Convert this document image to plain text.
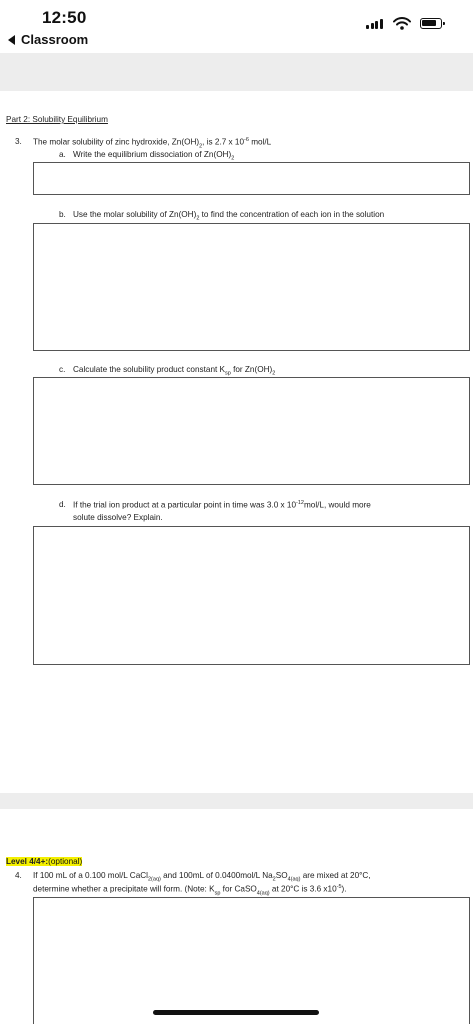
12:50
Classroom
Part 2: Solubility Equilibrium
3. The molar solubility of zinc hydroxide, $Zn(OH)_2$, is 2.7 x $10^{-6}$ mol/L
a. Write the equilibrium dissociation of $Zn(OH)_2$
b. Use the molar solubility of $Zn(OH)_2$ to find the concentration of each ion in the solution
c. Calculate the solubility product constant $K_{sp}$ for $Zn(OH)_2$
d. If the trial ion product at a particular point in time was 3.0 x $10^{-12}mol/L$, would more
solute dissolve? Explain.
Level 4/4+:(optional)
4. If 100 mL of a 0.100 mol/L CaCl$_{2(aq)}$ and 100mL of 0.0400mol/L $Na_2SO_{4(aq)}$ are mixed at 20°C,
determine whether a precipitate will form. (Note: $K_{sp}$ for CaSO$_{4(aq)}$ at 20°C is 3.6 $x10^{-5}$).
